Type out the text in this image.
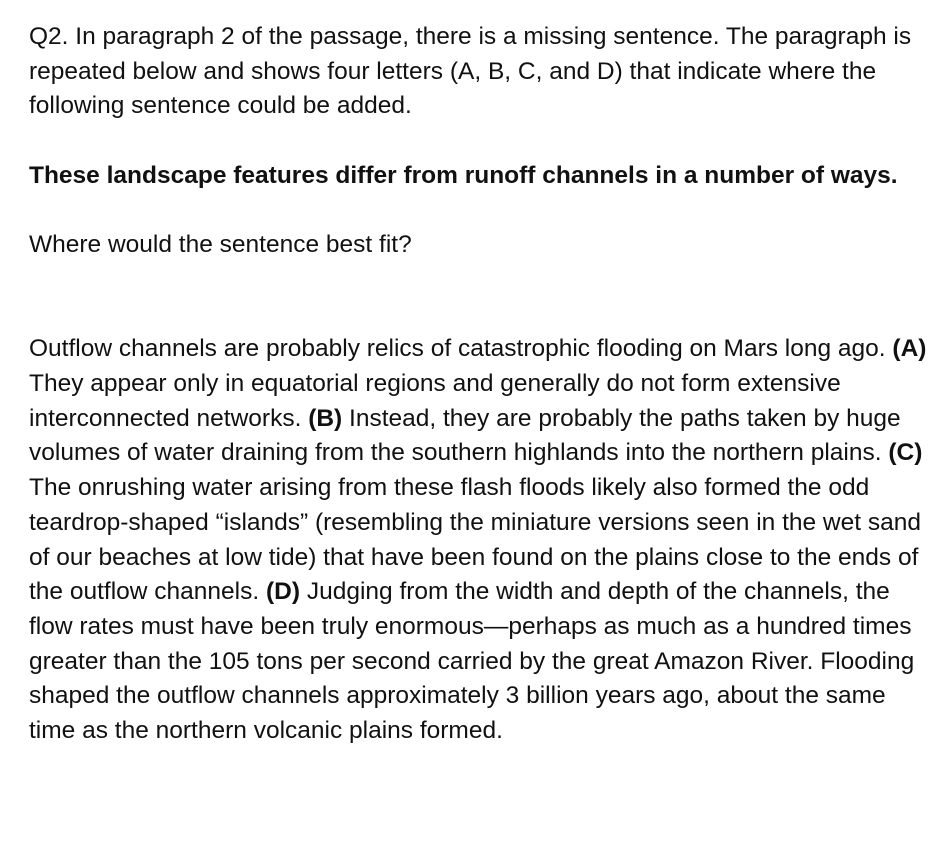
Q2. In paragraph 2 of the passage, there is a missing sentence. The paragraph is repeated below and shows four letters (A, B, C, and D) that indicate where the following sentence could be added.

These landscape features differ from runoff channels in a number of ways.

Where would the sentence best fit?

Outflow channels are probably relics of catastrophic flooding on Mars long ago. (A) They appear only in equatorial regions and generally do not form extensive interconnected networks. (B) Instead, they are probably the paths taken by huge volumes of water draining from the southern highlands into the northern plains. (C) The onrushing water arising from these flash floods likely also formed the odd teardrop-shaped “islands” (resembling the miniature versions seen in the wet sand of our beaches at low tide) that have been found on the plains close to the ends of the outflow channels. (D) Judging from the width and depth of the channels, the flow rates must have been truly enormous—perhaps as much as a hundred times greater than the 105 tons per second carried by the great Amazon River. Flooding shaped the outflow channels approximately 3 billion years ago, about the same time as the northern volcanic plains formed.
